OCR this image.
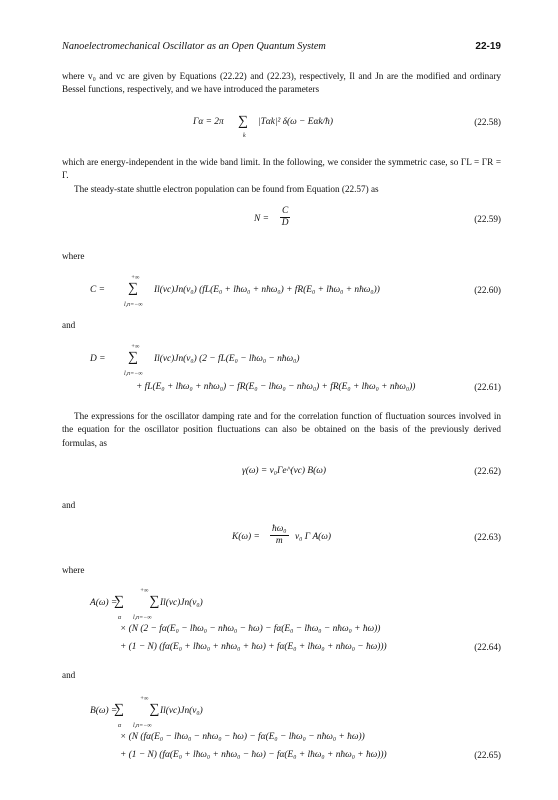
Nanoelectromechanical Oscillator as an Open Quantum System	22-19

where v₀ and vc are given by Equations (22.22) and (22.23), respectively, Il and Jn are the modified and ordinary Bessel functions, respectively, and we have introduced the parameters

Γα = 2π ∑
k
|Tαk|² δ(ω − Eαk/ħ)	(22.58)

which are energy-independent in the wide band limit. In the following, we consider the symmetric case, so ΓL = ΓR = Γ.

The steady-state shuttle electron population can be found from Equation (22.57) as

$N = \frac{C}{D}$	(22.59)

where

+∞
C = ∑
l,n=−∞
Il(vc)Jn(v₀) (fL(E₀ + lħω₀ + nħω₀) + fR(E₀ + lħω₀ + nħω₀))	(22.60)

and

+∞
D = ∑
l,n=−∞
Il(vc)Jn(v₀) (2 − fL(E₀ − lħω₀ − nħω₀)
+ fL(E₀ + lħω₀ + nħω₀) − fR(E₀ − lħω₀ − nħω₀) + fR(E₀ + lħω₀ + nħω₀))	(22.61)

The expressions for the oscillator damping rate and for the correlation function of fluctuation sources involved in the equation for the oscillator position fluctuations can also be obtained on the basis of the previously derived formulas, as

γ(ω) = v₀Γe^(vc) B(ω)	(22.62)

and

$K(\omega) = \frac{\text{ħω₀}}{m} v_0$ Γ A(ω)	(22.63)

where

+∞
A(ω) =
∑
α
∑
l,n=−∞
Il(vc)Jn(v₀)
× (N (2 − fα(E₀ − lħω₀ − nħω₀ − ħω) − fα(E₀ − lħω₀ − nħω₀ + ħω))
+ (1 − N) (fα(E₀ + lħω₀ + nħω₀ + ħω) + fα(E₀ + lħω₀ + nħω₀ − ħω)))	(22.64)

and

+∞
B(ω) =
∑
α
∑
l,n=−∞
Il(vc)Jn(v₀)
× (N (fα(E₀ − lħω₀ − nħω₀ − ħω) − fα(E₀ − lħω₀ − nħω₀ + ħω))
+ (1 − N) (fα(E₀ + lħω₀ + nħω₀ − ħω) − fα(E₀ + lħω₀ + nħω₀ + ħω)))	(22.65)
